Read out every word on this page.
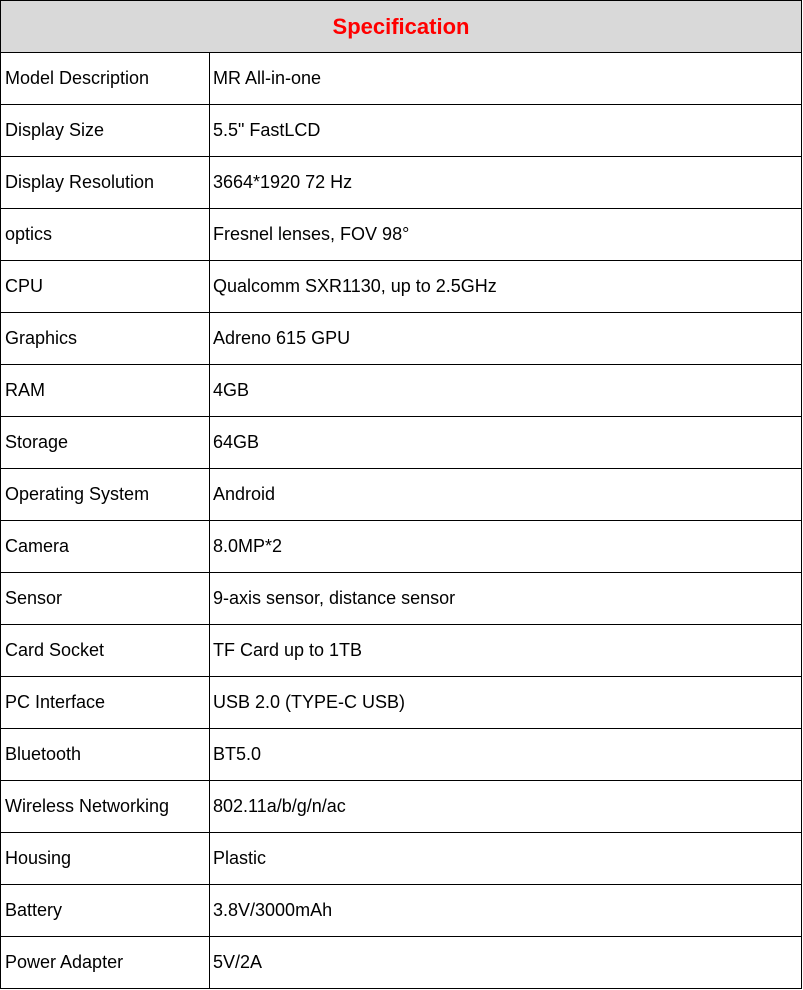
Specification	
Model Description	MR All-in-one
Display Size	5.5" FastLCD
Display Resolution	3664*1920 72 Hz
optics	Fresnel lenses, FOV 98°
CPU	Qualcomm SXR1130, up to 2.5GHz
Graphics	Adreno 615 GPU
RAM	4GB
Storage	64GB
Operating System	Android
Camera	8.0MP*2
Sensor	9-axis sensor, distance sensor
Card Socket	TF Card up to 1TB
PC Interface	USB 2.0 (TYPE-C USB)
Bluetooth	BT5.0
Wireless Networking	802.11a/b/g/n/ac
Housing	Plastic
Battery	3.8V/3000mAh
Power Adapter	5V/2A
